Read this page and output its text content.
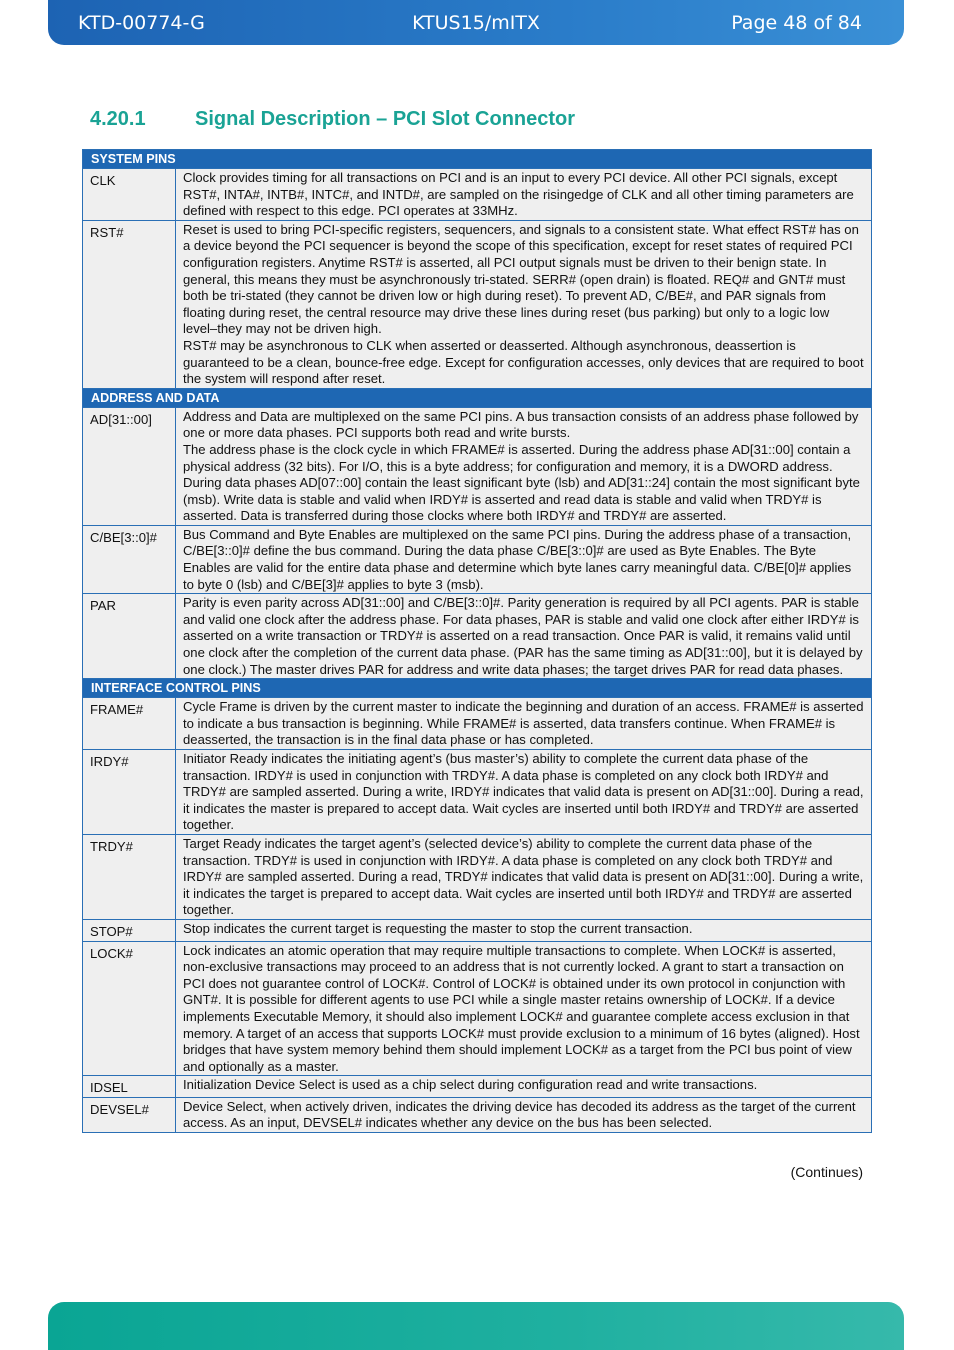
KTD-00774-G	KTUS15/mITX	Page 48 of 84
4.20.1 Signal Description – PCI Slot Connector
SYSTEM PINS	
CLK	Clock provides timing for all transactions on PCI and is an input to every PCI device. All other PCI signals, except RST#, INTA#, INTB#, INTC#, and INTD#, are sampled on the risingedge of CLK and all other timing parameters are defined with respect to this edge. PCI operates at 33MHz.

RST#	Reset is used to bring PCI-specific registers, sequencers, and signals to a consistent state. What effect RST# has on a device beyond the PCI sequencer is beyond the scope of this specification, except for reset states of required PCI configuration registers. Anytime RST# is asserted, all PCI output signals must be driven to their benign state. In general, this means they must be asynchronously tri-stated. SERR# (open drain) is floated. REQ# and GNT# must both be tri-stated (they cannot be driven low or high during reset). To prevent AD, C/BE#, and PAR signals from floating during reset, the central resource may drive these lines during reset (bus parking) but only to a logic low level–they may not be driven high.

RST# may be asynchronous to CLK when asserted or deasserted. Although asynchronous, deassertion is guaranteed to be a clean, bounce-free edge. Except for configuration accesses, only devices that are required to boot the system will respond after reset.

ADDRESS AND DATA	
AD[31::00]	Address and Data are multiplexed on the same PCI pins. A bus transaction consists of an address phase followed by one or more data phases. PCI supports both read and write bursts.

The address phase is the clock cycle in which FRAME# is asserted. During the address phase AD[31::00] contain a physical address (32 bits). For I/O, this is a byte address; for configuration and memory, it is a DWORD address. During data phases AD[07::00] contain the least significant byte (lsb) and AD[31::24] contain the most significant byte (msb). Write data is stable and valid when IRDY# is asserted and read data is stable and valid when TRDY# is asserted. Data is transferred during those clocks where both IRDY# and TRDY# are asserted.

C/BE[3::0]#	Bus Command and Byte Enables are multiplexed on the same PCI pins. During the address phase of a transaction, C/BE[3::0]# define the bus command. During the data phase C/BE[3::0]# are used as Byte Enables. The Byte Enables are valid for the entire data phase and determine which byte lanes carry meaningful data. C/BE[0]# applies to byte 0 (lsb) and C/BE[3]# applies to byte 3 (msb).

PAR	Parity is even parity across AD[31::00] and C/BE[3::0]#. Parity generation is required by all PCI agents. PAR is stable and valid one clock after the address phase. For data phases, PAR is stable and valid one clock after either IRDY# is asserted on a write transaction or TRDY# is asserted on a read transaction. Once PAR is valid, it remains valid until one clock after the completion of the current data phase. (PAR has the same timing as AD[31::00], but it is delayed by one clock.) The master drives PAR for address and write data phases; the target drives PAR for read data phases.

INTERFACE CONTROL PINS	
FRAME#	Cycle Frame is driven by the current master to indicate the beginning and duration of an access. FRAME# is asserted to indicate a bus transaction is beginning. While FRAME# is asserted, data transfers continue. When FRAME# is deasserted, the transaction is in the final data phase or has completed.

IRDY#	Initiator Ready indicates the initiating agent’s (bus master’s) ability to complete the current data phase of the transaction. IRDY# is used in conjunction with TRDY#. A data phase is completed on any clock both IRDY# and TRDY# are sampled asserted. During a write, IRDY# indicates that valid data is present on AD[31::00]. During a read, it indicates the master is prepared to accept data. Wait cycles are inserted until both IRDY# and TRDY# are asserted together.

TRDY#	Target Ready indicates the target agent’s (selected device’s) ability to complete the current data phase of the transaction. TRDY# is used in conjunction with IRDY#. A data phase is completed on any clock both TRDY# and IRDY# are sampled asserted. During a read, TRDY# indicates that valid data is present on AD[31::00]. During a write, it indicates the target is prepared to accept data. Wait cycles are inserted until both IRDY# and TRDY# are asserted together.

STOP#	Stop indicates the current target is requesting the master to stop the current transaction.

LOCK#	Lock indicates an atomic operation that may require multiple transactions to complete. When LOCK# is asserted, non-exclusive transactions may proceed to an address that is not currently locked. A grant to start a transaction on PCI does not guarantee control of LOCK#. Control of LOCK# is obtained under its own protocol in conjunction with GNT#. It is possible for different agents to use PCI while a single master retains ownership of LOCK#. If a device implements Executable Memory, it should also implement LOCK# and guarantee complete access exclusion in that memory. A target of an access that supports LOCK# must provide exclusion to a minimum of 16 bytes (aligned). Host bridges that have system memory behind them should implement LOCK# as a target from the PCI bus point of view and optionally as a master.

IDSEL	Initialization Device Select is used as a chip select during configuration read and write transactions.

DEVSEL#	Device Select, when actively driven, indicates the driving device has decoded its address as the target of the current access. As an input, DEVSEL# indicates whether any device on the bus has been selected.

(Continues)
